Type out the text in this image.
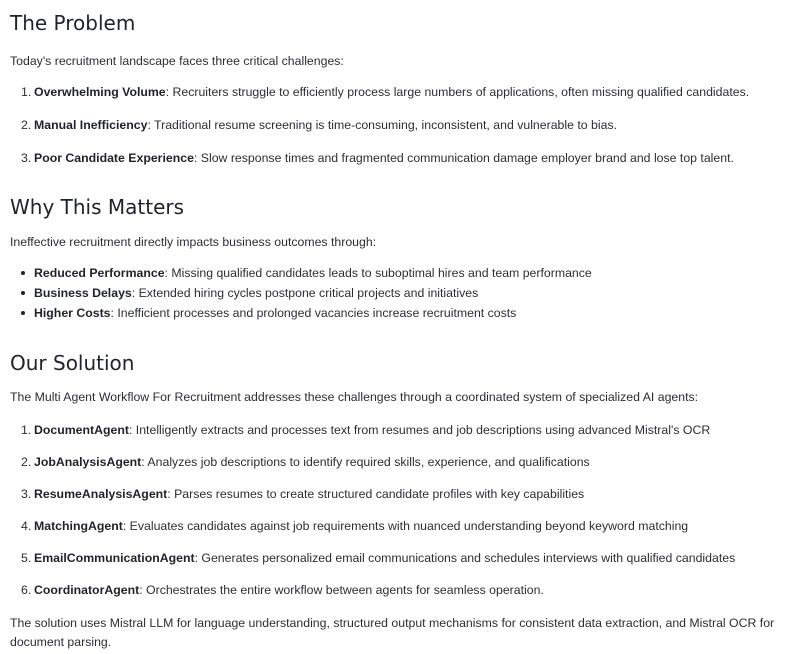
The Problem

Today's recruitment landscape faces three critical challenges:

1. Overwhelming Volume: Recruiters struggle to efficiently process large numbers of applications, often missing qualified candidates.
2. Manual Inefficiency: Traditional resume screening is time-consuming, inconsistent, and vulnerable to bias.
3. Poor Candidate Experience: Slow response times and fragmented communication damage employer brand and lose top talent.
Why This Matters

Ineffective recruitment directly impacts business outcomes through:

Reduced Performance: Missing qualified candidates leads to suboptimal hires and team performance
Business Delays: Extended hiring cycles postpone critical projects and initiatives
Higher Costs: Inefficient processes and prolonged vacancies increase recruitment costs
Our Solution

The Multi Agent Workflow For Recruitment addresses these challenges through a coordinated system of specialized AI agents:

1. DocumentAgent: Intelligently extracts and processes text from resumes and job descriptions using advanced Mistral's OCR
2. JobAnalysisAgent: Analyzes job descriptions to identify required skills, experience, and qualifications
3. ResumeAnalysisAgent: Parses resumes to create structured candidate profiles with key capabilities
4. MatchingAgent: Evaluates candidates against job requirements with nuanced understanding beyond keyword matching
5. EmailCommunicationAgent: Generates personalized email communications and schedules interviews with qualified candidates
6. CoordinatorAgent: Orchestrates the entire workflow between agents for seamless operation.

The solution uses Mistral LLM for language understanding, structured output mechanisms for consistent data extraction, and Mistral OCR for document parsing.
